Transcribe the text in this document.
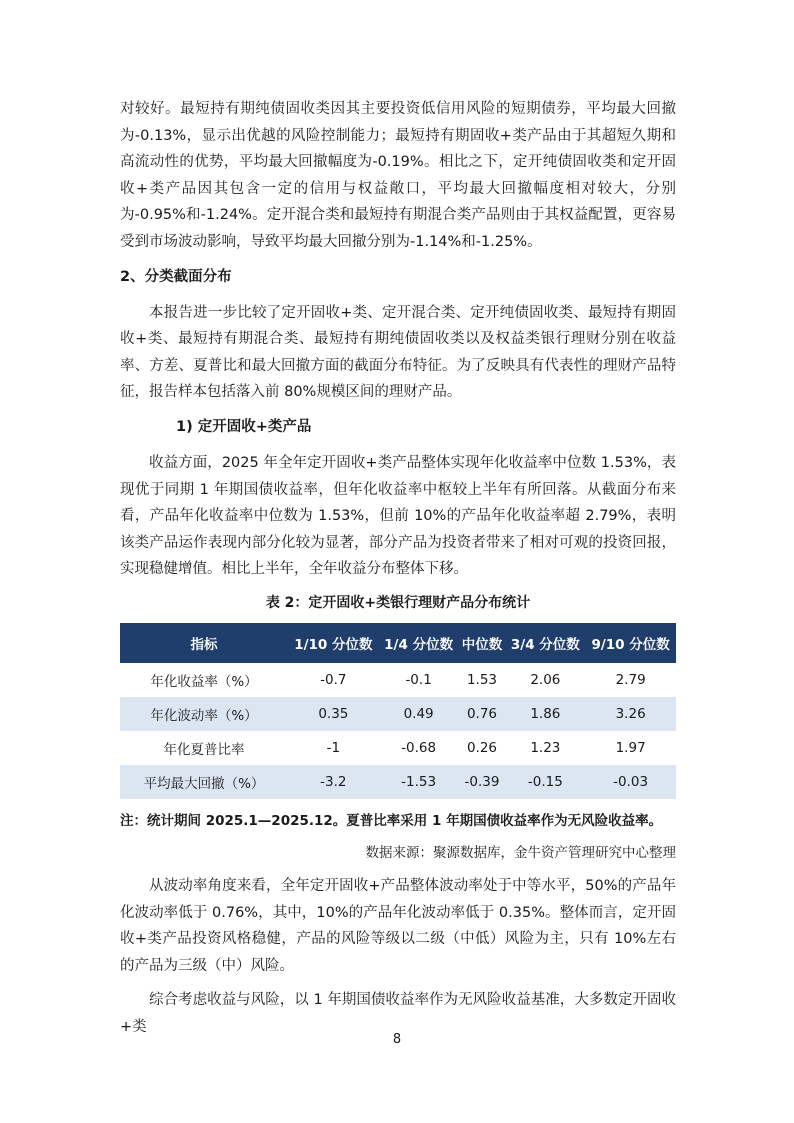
对较好。最短持有期纯债固收类因其主要投资低信用风险的短期债券，平均最大回撤为-0.13%，显示出优越的风险控制能力；最短持有期固收+类产品由于其超短久期和高流动性的优势，平均最大回撤幅度为-0.19%。相比之下，定开纯债固收类和定开固收+类产品因其包含一定的信用与权益敞口，平均最大回撤幅度相对较大，分别为-0.95%和-1.24%。定开混合类和最短持有期混合类产品则由于其权益配置，更容易受到市场波动影响，导致平均最大回撤分别为-1.14%和-1.25%。

2、分类截面分布

本报告进一步比较了定开固收+类、定开混合类、定开纯债固收类、最短持有期固收+类、最短持有期混合类、最短持有期纯债固收类以及权益类银行理财分别在收益率、方差、夏普比和最大回撤方面的截面分布特征。为了反映具有代表性的理财产品特征，报告样本包括落入前 80%规模区间的理财产品。

1) 定开固收+类产品

收益方面，2025 年全年定开固收+类产品整体实现年化收益率中位数 1.53%，表现优于同期 1 年期国债收益率，但年化收益率中枢较上半年有所回落。从截面分布来看，产品年化收益率中位数为 1.53%，但前 10%的产品年化收益率超 2.79%，表明该类产品运作表现内部分化较为显著，部分产品为投资者带来了相对可观的投资回报，实现稳健增值。相比上半年，全年收益分布整体下移。

表 2：定开固收+类银行理财产品分布统计
指标	1/10 分位数	1/4 分位数	中位数	3/4 分位数	9/10 分位数
年化收益率（%）	-0.7	-0.1	1.53	2.06	2.79
年化波动率（%）	0.35	0.49	0.76	1.86	3.26
年化夏普比率	-1	-0.68	0.26	1.23	1.97
平均最大回撤（%）	-3.2	-1.53	-0.39	-0.15	-0.03

注：统计期间 2025.1—2025.12。夏普比率采用 1 年期国债收益率作为无风险收益率。

数据来源：聚源数据库，金牛资产管理研究中心整理

从波动率角度来看，全年定开固收+产品整体波动率处于中等水平，50%的产品年化波动率低于 0.76%，其中，10%的产品年化波动率低于 0.35%。整体而言，定开固收+类产品投资风格稳健，产品的风险等级以二级（中低）风险为主，只有 10%左右的产品为三级（中）风险。

综合考虑收益与风险，以 1 年期国债收益率作为无风险收益基准，大多数定开固收+类

8
